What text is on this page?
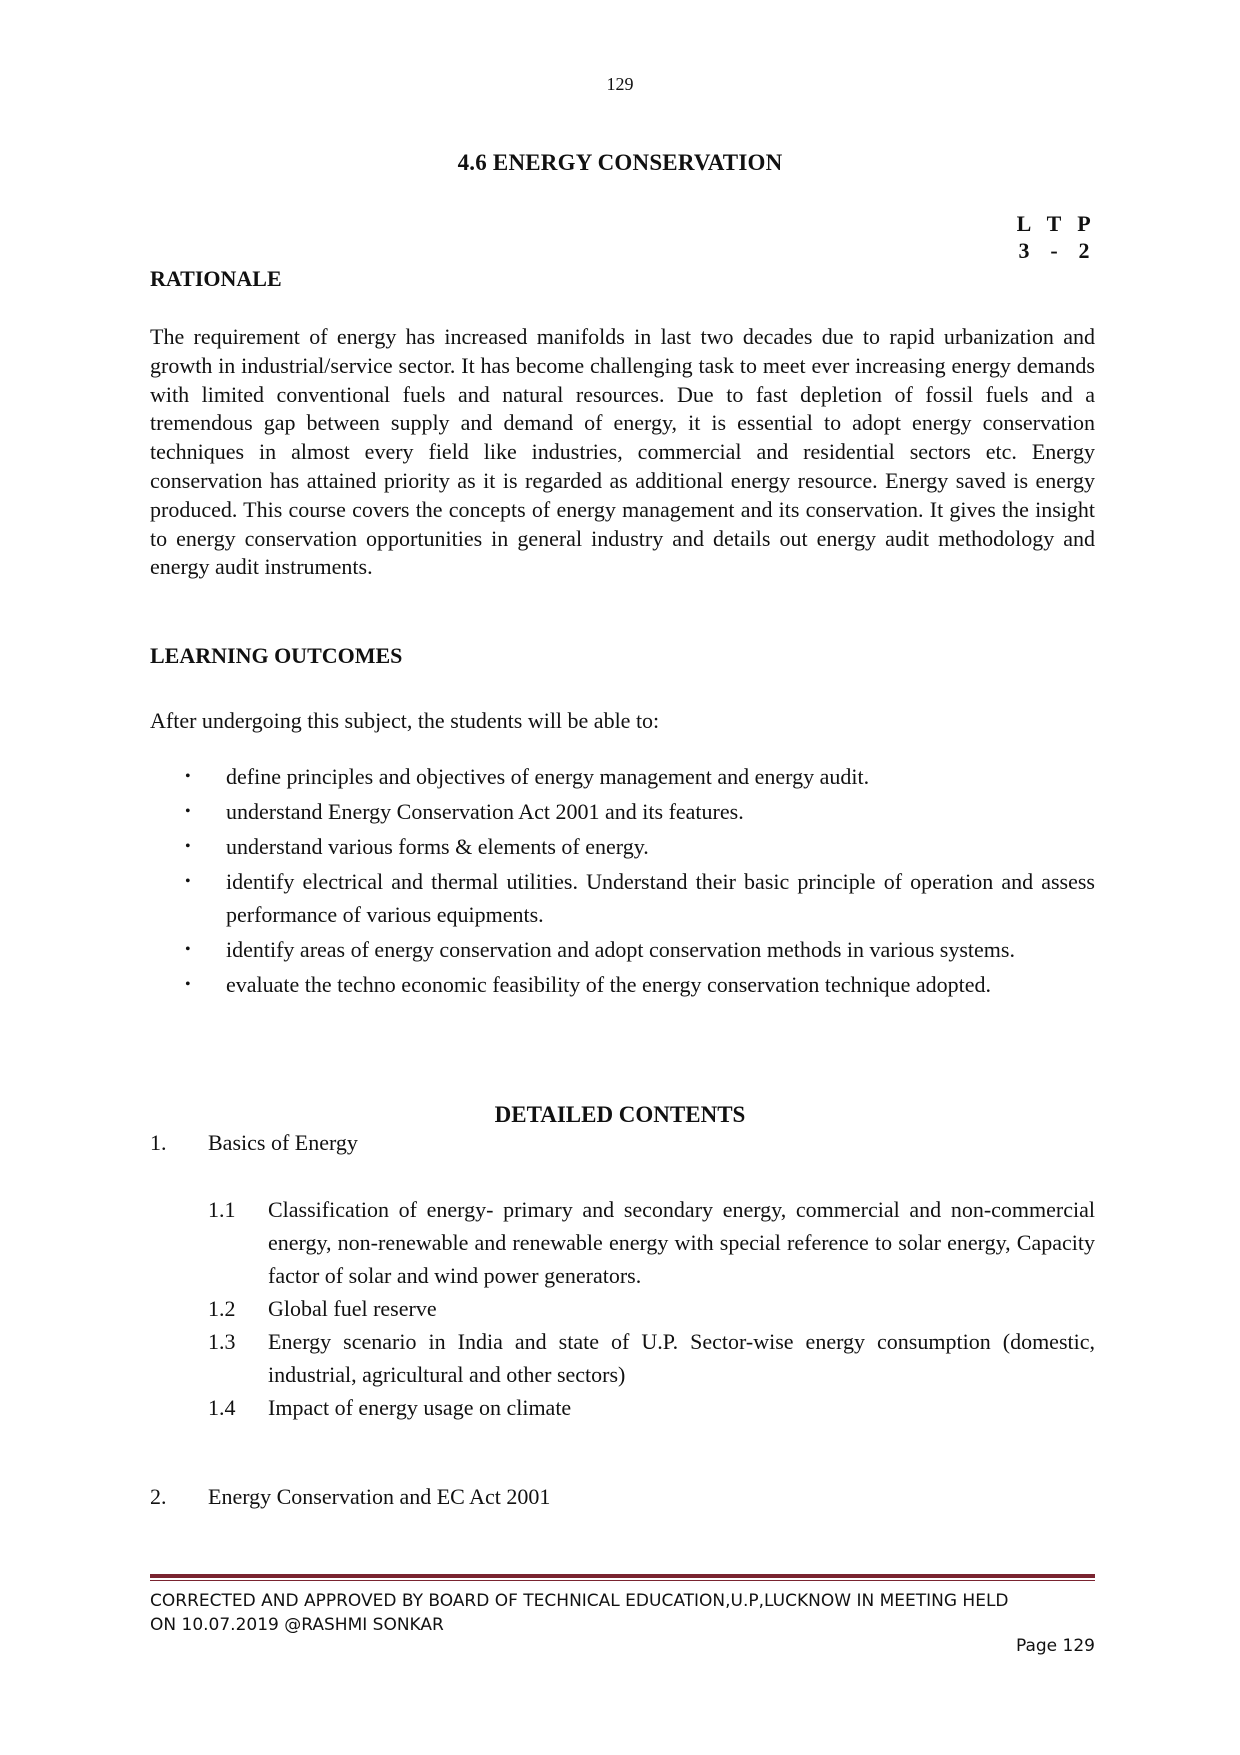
129
4.6 ENERGY CONSERVATION
L T P
3 - 2
RATIONALE

The requirement of energy has increased manifolds in last two decades due to rapid urbanization and growth in industrial/service sector. It has become challenging task to meet ever increasing energy demands with limited conventional fuels and natural resources. Due to fast depletion of fossil fuels and a tremendous gap between supply and demand of energy, it is essential to adopt energy conservation techniques in almost every field like industries, commercial and residential sectors etc. Energy conservation has attained priority as it is regarded as additional energy resource. Energy saved is energy produced. This course covers the concepts of energy management and its conservation. It gives the insight to energy conservation opportunities in general industry and details out energy audit methodology and energy audit instruments.

LEARNING OUTCOMES
After undergoing this subject, the students will be able to:
• define principles and objectives of energy management and energy audit.
• understand Energy Conservation Act 2001 and its features.
• understand various forms & elements of energy.
• identify electrical and thermal utilities. Understand their basic principle of operation and assess performance of various equipments.
• identify areas of energy conservation and adopt conservation methods in various systems.
• evaluate the techno economic feasibility of the energy conservation technique adopted.
DETAILED CONTENTS
1. Basics of Energy
1.1	Classification of energy- primary and secondary energy, commercial and non-commercial energy, non-renewable and renewable energy with special reference to solar energy, Capacity factor of solar and wind power generators.
1.2	Global fuel reserve
1.3	Energy scenario in India and state of U.P. Sector-wise energy consumption (domestic, industrial, agricultural and other sectors)
1.4	Impact of energy usage on climate
2. Energy Conservation and EC Act 2001
CORRECTED AND APPROVED BY BOARD OF TECHNICAL EDUCATION,U.P,LUCKNOW IN MEETING HELD
ON 10.07.2019 @RASHMI SONKAR
Page 129
